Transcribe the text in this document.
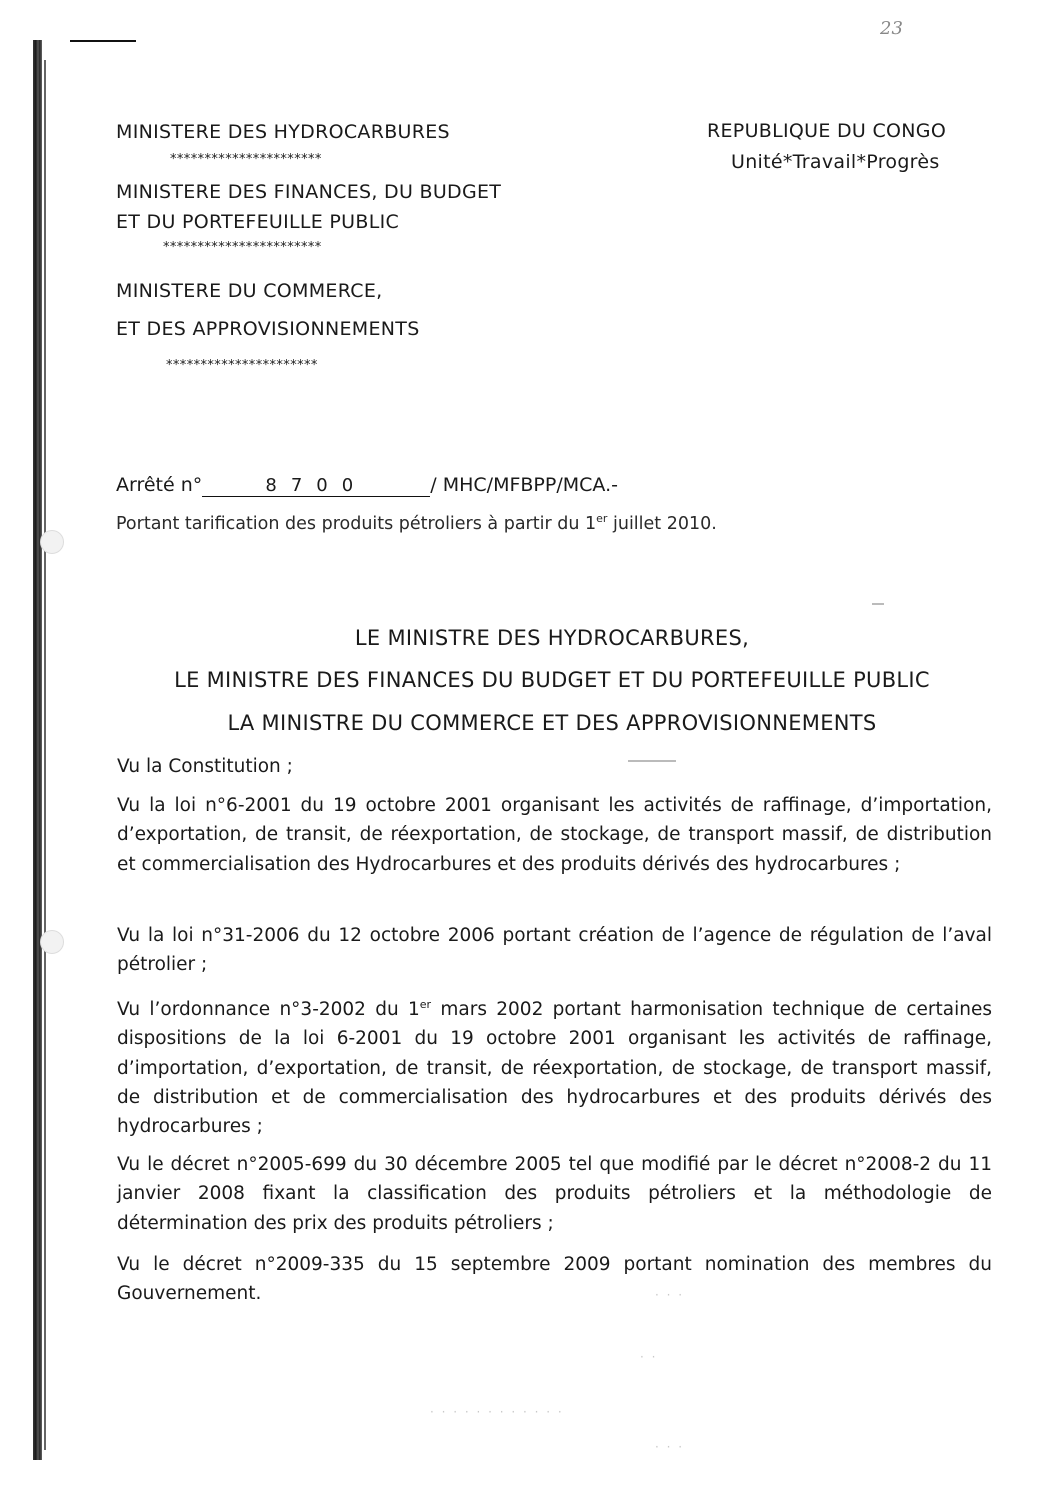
23
MINISTERE DES HYDROCARBURES
**********************
MINISTERE DES FINANCES, DU BUDGET
ET DU PORTEFEUILLE PUBLIC
***********************
MINISTERE DU COMMERCE,
ET DES APPROVISIONNEMENTS
**********************
REPUBLIQUE DU CONGO
Unité*Travail*Progrès
Arrêté n°	8700	/ MHC/MFBPP/MCA.-
Portant tarification des produits pétroliers à partir du 1er juillet 2010.
LE MINISTRE DES HYDROCARBURES,
LE MINISTRE DES FINANCES DU BUDGET ET DU PORTEFEUILLE PUBLIC
LA MINISTRE DU COMMERCE ET DES APPROVISIONNEMENTS
Vu la Constitution ;
Vu la loi n°6-2001 du 19 octobre 2001 organisant les activités de raffinage, d’importation, d’exportation, de transit, de réexportation, de stockage, de transport massif, de distribution et commercialisation des Hydrocarbures et des produits dérivés des hydrocarbures ;
Vu la loi n°31-2006 du 12 octobre 2006 portant création de l’agence de régulation de l’aval pétrolier ;
Vu l’ordonnance n°3-2002 du 1er mars 2002 portant harmonisation technique de certaines dispositions de la loi 6-2001 du 19 octobre 2001 organisant les activités de raffinage, d’importation, d’exportation, de transit, de réexportation, de stockage, de transport massif, de distribution et de commercialisation des hydrocarbures et des produits dérivés des hydrocarbures ;
Vu le décret n°2005-699 du 30 décembre 2005 tel que modifié par le décret n°2008-2 du 11 janvier 2008 fixant la classification des produits pétroliers et la méthodologie de détermination des prix des produits pétroliers ;
Vu le décret n°2009-335 du 15 septembre 2009 portant nomination des membres du Gouvernement.	· · ·
· ·
· · · · · · · · · · · ·
· · ·
